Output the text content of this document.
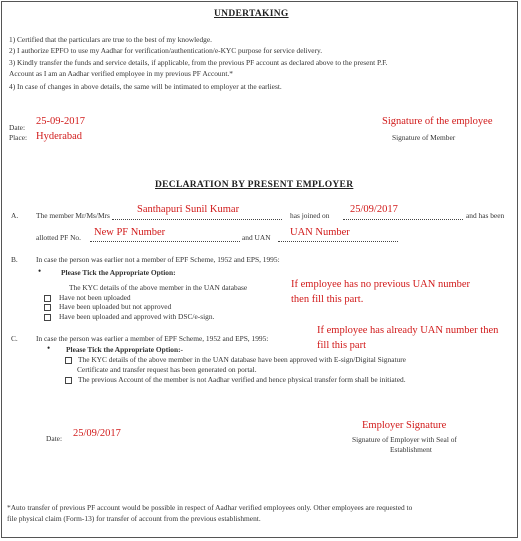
UNDERTAKING
1) Certified that the particulars are true to the best of my knowledge.
2) I authorize EPFO to use my Aadhar for verification/authentication/e-KYC purpose for service delivery.
3) Kindly transfer the funds and service details, if applicable, from the previous PF account as declared above to the present P.F.
Account as I am an Aadhar verified employee in my previous PF Account.*
4) In case of changes in above details, the same will be intimated to employer at the earliest.
Date:
25-09-2017
Place: Hyderabad
Signature of the employee
Signature of Member
DECLARATION BY PRESENT EMPLOYER
A. The member Mr/Ms/Mrs
Santhapuri Sunil Kumar
has joined on
25/09/2017
and has been
allotted PF No. New PF Number	and UAN UAN Number
B. In case the person was earlier not a member of EPF Scheme, 1952 and EPS, 1995:
•	Please Tick the Appropriate Option:
The KYC details of the above member in the UAN database
Have not been uploaded
Have been uploaded but not approved
Have been uploaded and approved with DSC/e-sign.
If employee has no previous UAN number
then fill this part.
C. In case the person was earlier a member of EPF Scheme, 1952 and EPS, 1995:
If employee has already UAN number then
fill this part
• Please Tick the Appropriate Option:-
The KYC details of the above member in the UAN database have been approved with E-sign/Digital Signature
Certificate and transfer request has been generated on portal.
The previous Account of the member is not Aadhar verified and hence physical transfer form shall be initiated.
Date: 25/09/2017
Employer Signature
Signature of Employer with Seal of
Establishment
*Auto transfer of previous PF account would be possible in respect of Aadhar verified employees only. Other employees are requested to
file physical claim (Form-13) for transfer of account from the previous establishment.
